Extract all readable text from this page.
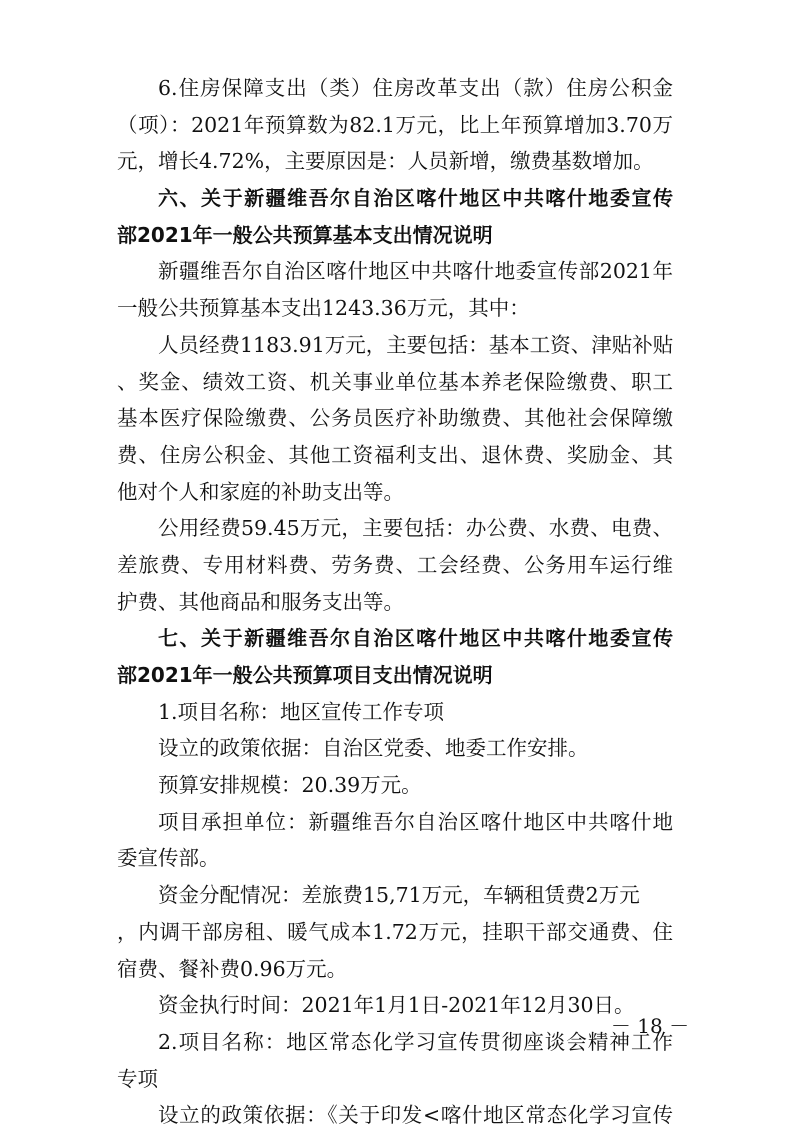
6.住房保障支出（类）住房改革支出（款）住房公积金
（项）：2021年预算数为82.1万元，比上年预算增加3.70万
元，增长4.72%，主要原因是：人员新增，缴费基数增加。
六、关于新疆维吾尔自治区喀什地区中共喀什地委宣传
部2021年一般公共预算基本支出情况说明
新疆维吾尔自治区喀什地区中共喀什地委宣传部2021年
一般公共预算基本支出1243.36万元，其中：
人员经费1183.91万元，主要包括：基本工资、津贴补贴
、奖金、绩效工资、机关事业单位基本养老保险缴费、职工
基本医疗保险缴费、公务员医疗补助缴费、其他社会保障缴
费、住房公积金、其他工资福利支出、退休费、奖励金、其
他对个人和家庭的补助支出等。
公用经费59.45万元，主要包括：办公费、水费、电费、
差旅费、专用材料费、劳务费、工会经费、公务用车运行维
护费、其他商品和服务支出等。
七、关于新疆维吾尔自治区喀什地区中共喀什地委宣传
部2021年一般公共预算项目支出情况说明
1.项目名称：地区宣传工作专项
设立的政策依据：自治区党委、地委工作安排。
预算安排规模：20.39万元。
项目承担单位：新疆维吾尔自治区喀什地区中共喀什地
委宣传部。
资金分配情况：差旅费15,71万元，车辆租赁费2万元
，内调干部房租、暖气成本1.72万元，挂职干部交通费、住
宿费、餐补费0.96万元。
资金执行时间：2021年1月1日-2021年12月30日。
2.项目名称：地区常态化学习宣传贯彻座谈会精神工作
专项
设立的政策依据：《关于印发<喀什地区常态化学习宣传
－ 18 －
